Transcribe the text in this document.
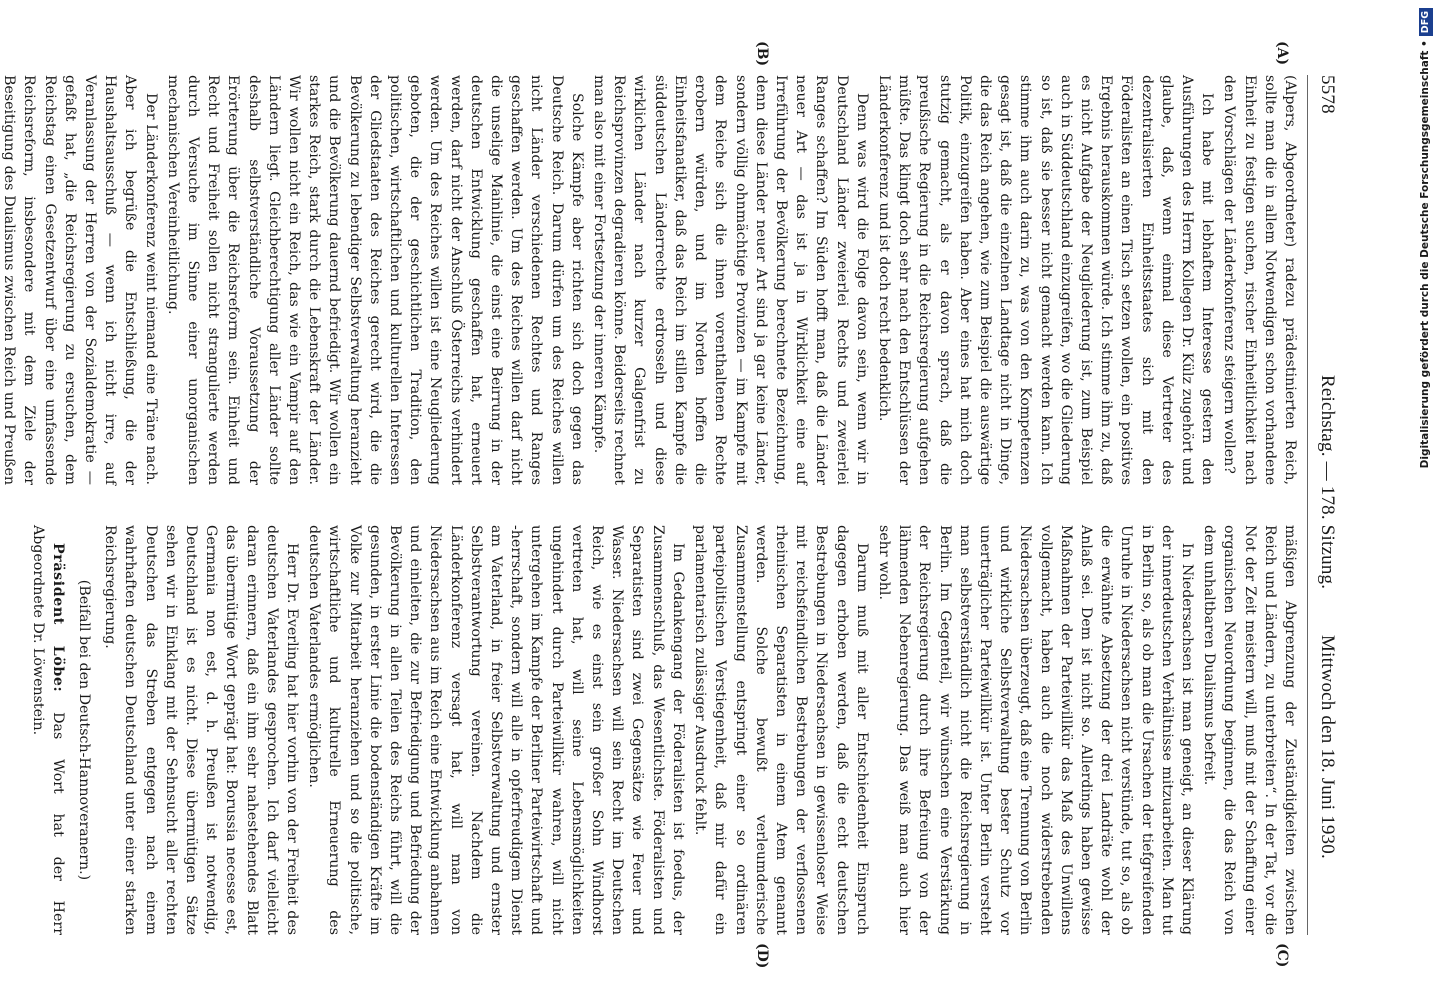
5578
Reichstag. — 178. Sitzung.
Mittwoch den 18. Juni 1930.
(A)
(B)
(C)
(D)

(Alpers, Abgeordneter) radezu prädestinierten Reich, sollte man die in allem Notwendigen schon vorhandene Einheit zu festigen suchen, rischer Einheitlichkeit nach den Vorschlägen der Länderkonferenz steigern wollen?

Ich habe mit lebhaftem Interesse gestern den Ausführungen des Herrn Kollegen Dr. Külz zugehört und glaube, daß, wenn einmal diese Vertreter des dezentralisierten Einheitsstaates sich mit den Föderalisten an einen Tisch setzen wollen, ein positives Ergebnis herauskommen würde. Ich stimme ihm zu, daß es nicht Aufgabe der Neugliederung ist, zum Beispiel auch in Süddeutschland einzugreifen, wo die Gliederung so ist, daß sie besser nicht gemacht werden kann. Ich stimme ihm auch darin zu, was von den Kompetenzen gesagt ist, daß die einzelnen Landtage nicht in Dinge, die das Reich angehen, wie zum Beispiel die auswärtige Politik, einzugreifen haben. Aber eines hat mich doch stutzig gemacht, als er davon sprach, daß die preußische Regierung in die Reichsregierung aufgehen müßte. Das klingt doch sehr nach den Entschlüssen der Länderkonferenz und ist doch recht bedenklich.

Denn was wird die Folge davon sein, wenn wir in Deutschland Länder zweierlei Rechts und zweierlei Ranges schaffen? Im Süden hofft man, daß die Länder neuer Art — das ist ja in Wirklichkeit eine auf Irreführung der Bevölkerung berechnete Bezeichnung, denn diese Länder neuer Art sind ja gar keine Länder, sondern völlig ohnmächtige Provinzen — im Kampfe mit dem Reiche sich die ihnen vorenthaltenen Rechte erobern würden, und im Norden hoffen die Einheitsfanatiker, daß das Reich im stillen Kampfe die süddeutschen Länderrechte erdrosseln und diese wirklichen Länder nach kurzer Galgenfrist zu Reichsprovinzen degradieren könne. Beiderseits rechnet man also mit einer Fortsetzung der inneren Kämpfe.

Solche Kämpfe aber richten sich doch gegen das Deutsche Reich. Darum dürfen um des Reiches willen nicht Länder verschiedenen Rechtes und Ranges geschaffen werden. Um des Reiches willen darf nicht die unselige Mainlinie, die einst eine Beirrung in der deutschen Entwicklung geschaffen hat, erneuert werden, darf nicht der Anschluß Österreichs verhindert werden. Um des Reiches willen ist eine Neugliederung geboten, die der geschichtlichen Tradition, den politischen, wirtschaftlichen und kulturellen Interessen der Gliedstaaten des Reiches gerecht wird, die die Bevölkerung zu lebendiger Selbstverwaltung heranzieht und die Bevölkerung dauernd befriedigt. Wir wollen ein starkes Reich, stark durch die Lebenskraft der Länder. Wir wollen nicht ein Reich, das wie ein Vampir auf den Ländern liegt. Gleichberechtigung aller Länder sollte deshalb selbstverständliche Voraussetzung der Erörterung über die Reichsreform sein. Einheit und Recht und Freiheit sollen nicht strangulierte werden durch Versuche im Sinne einer unorganischen mechanischen Vereinheitlichung.

Der Länderkonferenz weint niemand eine Träne nach. Aber ich begrüße die Entschließung, die der Haushaltsausschuß — wenn ich nicht irre, auf Veranlassung der Herren von der Sozialdemokratie — gefaßt hat, „die Reichsregierung zu ersuchen, dem Reichstag einen Gesetzentwurf über eine umfassende Reichsreform, insbesondere mit dem Ziele der Beseitigung des Dualismus zwischen Reich und Preußen

mäßigen Abgrenzung der Zuständigkeiten zwischen Reich und Ländern, zu unterbreiten“. In der Tat, vor die Not der Zeit meistern will, muß mit der Schaffung einer organischen Neuordnung beginnen, die das Reich von dem unhaltbaren Dualismus befreit.

In Niedersachsen ist man geneigt, an dieser Klärung der innerdeutschen Verhältnisse mitzuarbeiten. Man tut in Berlin so, als ob man die Ursachen der tiefgreifenden Unruhe in Niedersachsen nicht verstünde, tut so, als ob die erwähnte Absetzung der drei Landräte wohl der Anlaß sei. Dem ist nicht so. Allerdings haben gewisse Maßnahmen der Parteiwillkür das Maß des Unwillens vollgemacht, haben auch die noch widerstrebenden Niedersachsen überzeugt, daß eine Trennung von Berlin und wirkliche Selbstverwaltung bester Schutz vor unerträglicher Parteiwillkür ist. Unter Berlin versteht man selbstverständlich nicht die Reichsregierung in Berlin. Im Gegenteil, wir wünschen eine Verstärkung der Reichsregierung durch ihre Befreiung von der lähmenden Nebenregierung. Das weiß man auch hier sehr wohl.

Darum muß mit aller Entschiedenheit Einspruch dagegen erhoben werden, daß die echt deutschen Bestrebungen in Niedersachsen in gewissenloser Weise mit reichsfeindlichen Bestrebungen der verflossenen rheinischen Separatisten in einem Atem genannt werden. Solche bewußt verleumderische Zusammenstellung entspringt einer so ordinären parteipolitischen Verstiegenheit, daß mir dafür ein parlamentarisch zulässiger Ausdruck fehlt.

Im Gedankengang der Föderalisten ist foedus, der Zusammenschluß, das Wesentlichste. Föderalisten und Separatisten sind zwei Gegensätze wie Feuer und Wasser. Niedersachsen will sein Recht im Deutschen Reich, wie es einst sein großer Sohn Windhorst vertreten hat, will seine Lebensmöglichkeiten ungehindert durch Parteiwillkür wahren, will nicht untergehen im Kampfe der Berliner Parteiwirtschaft und -herrschaft, sondern will alle in opferfreudigem Dienst am Vaterland, in freier Selbstverwaltung und ernster Selbstverantwortung vereinen. Nachdem die Länderkonferenz versagt hat, will man von Niedersachsen aus im Reich eine Entwicklung anbahnen und einleiten, die zur Befriedigung und Befriedung der Bevölkerung in allen Teilen des Reichs führt, will die gesunden, in erster Linie die bodenständigen Kräfte im Volke zur Mitarbeit heranziehen und so die politische, wirtschaftliche und kulturelle Erneuerung des deutschen Vaterlandes ermöglichen.

Herr Dr. Everling hat hier vorhin von der Freiheit des deutschen Vaterlandes gesprochen. Ich darf vielleicht daran erinnern, daß ein ihm sehr nahestehendes Blatt das übermütige Wort geprägt hat: Borussia necesse est, Germania non est, d. h. Preußen ist notwendig, Deutschland ist es nicht. Diese übermütigen Sätze sehen wir in Einklang mit der Sehnsucht aller rechten Deutschen das Streben entgegen nach einem wahrhaften deutschen Deutschland unter einer starken Reichsregierung.

(Beifall bei den Deutsch-Hannoveranern.)

Präsident Löbe: Das Wort hat der Herr Abgeordnete Dr. Löwenstein.

Digitalisierung gefördert durch die Deutsche Forschungsgemeinschaft •DFG
